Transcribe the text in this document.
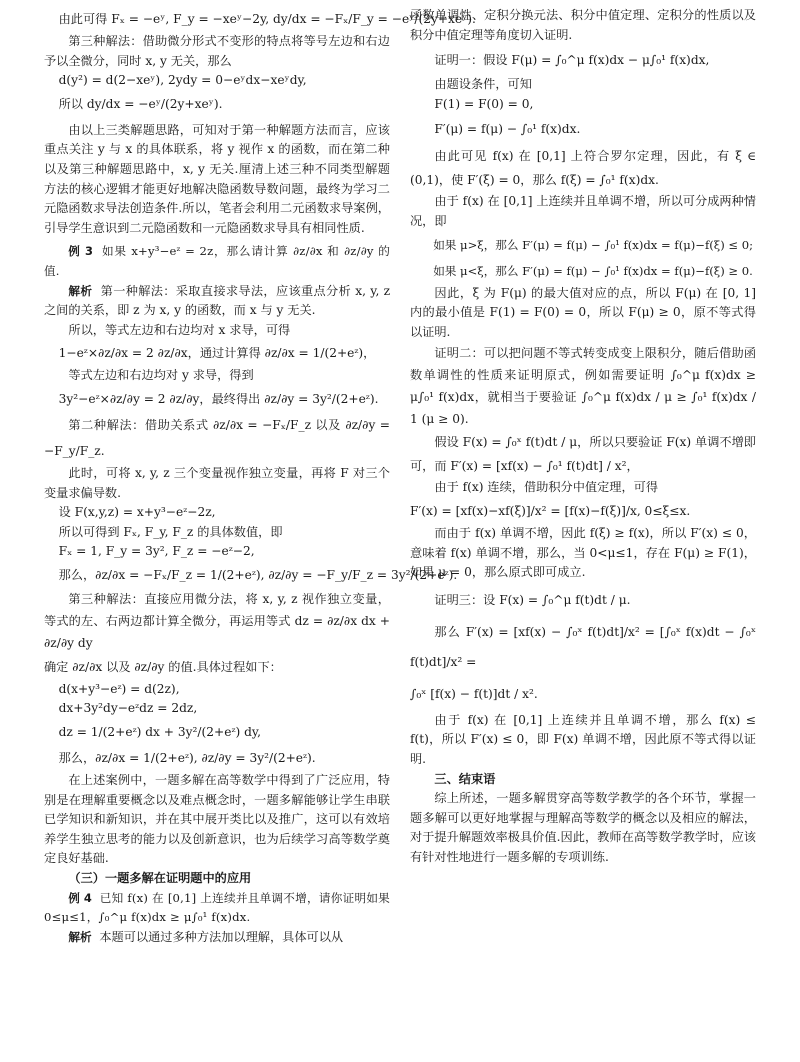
由此可得 Fₓ = −eʸ, F_y = −xeʸ−2y, dy/dx = −Fₓ/F_y = −eʸ/(2y+xeʸ).

第三种解法：借助微分形式不变形的特点将等号左边和右边予以全微分，同时 x, y 无关，那么

d(y²) = d(2−xeʸ), 2ydy = 0−eʸdx−xeʸdy,

所以 dy/dx = −eʸ/(2y+xeʸ).

由以上三类解题思路，可知对于第一种解题方法而言，应该重点关注 y 与 x 的具体联系，将 y 视作 x 的函数，而在第二种以及第三种解题思路中，x, y 无关.厘清上述三种不同类型解题方法的核心逻辑才能更好地解决隐函数导数问题，最终为学习二元隐函数求导法创造条件.所以，笔者会利用二元函数求导案例，引导学生意识到二元隐函数和一元隐函数求导具有相同性质.

例 3 如果 x+y³−eᶻ = 2z，那么请计算 ∂z/∂x 和 ∂z/∂y 的值.

解析 第一种解法：采取直接求导法，应该重点分析 x, y, z 之间的关系，即 z 为 x, y 的函数，而 x 与 y 无关.

所以，等式左边和右边均对 x 求导，可得

1−eᶻ×∂z/∂x = 2 ∂z/∂x，通过计算得 ∂z/∂x = 1/(2+eᶻ)，

等式左边和右边均对 y 求导，得到

3y²−eᶻ×∂z/∂y = 2 ∂z/∂y，最终得出 ∂z/∂y = 3y²/(2+eᶻ).

第二种解法：借助关系式 ∂z/∂x = −Fₓ/F_z 以及 ∂z/∂y = −F_y/F_z.

此时，可将 x, y, z 三个变量视作独立变量，再将 F 对三个变量求偏导数.

设 F(x,y,z) = x+y³−eᶻ−2z,

所以可得到 Fₓ, F_y, F_z 的具体数值，即

Fₓ = 1, F_y = 3y², F_z = −eᶻ−2,

那么，∂z/∂x = −Fₓ/F_z = 1/(2+eᶻ), ∂z/∂y = −F_y/F_z = 3y²/(2+eᶻ).

第三种解法：直接应用微分法，将 x, y, z 视作独立变量，等式的左、右两边都计算全微分，再运用等式 dz = ∂z/∂x dx + ∂z/∂y dy

确定 ∂z/∂x 以及 ∂z/∂y 的值.具体过程如下：

d(x+y³−eᶻ) = d(2z),

dx+3y²dy−eᶻdz = 2dz,

dz = 1/(2+eᶻ) dx + 3y²/(2+eᶻ) dy,

那么，∂z/∂x = 1/(2+eᶻ), ∂z/∂y = 3y²/(2+eᶻ).

在上述案例中，一题多解在高等数学中得到了广泛应用，特别是在理解重要概念以及难点概念时，一题多解能够让学生串联已学知识和新知识，并在其中展开类比以及推广，这可以有效培养学生独立思考的能力以及创新意识，也为后续学习高等数学奠定良好基础.

（三）一题多解在证明题中的应用

例 4 已知 f(x) 在 [0,1] 上连续并且单调不增，请你证明如果 0≤μ≤1，∫₀^μ f(x)dx ≥ μ∫₀¹ f(x)dx.

解析 本题可以通过多种方法加以理解，具体可以从

函数单调性、定积分换元法、积分中值定理、定积分的性质以及积分中值定理等角度切入证明.

证明一：假设 F(μ) = ∫₀^μ f(x)dx − μ∫₀¹ f(x)dx,

由题设条件，可知

F(1) = F(0) = 0,

F′(μ) = f(μ) − ∫₀¹ f(x)dx.

由此可见 f(x) 在 [0,1] 上符合罗尔定理，因此，有 ξ ∈ (0,1)，使 F′(ξ) = 0，那么 f(ξ) = ∫₀¹ f(x)dx.

由于 f(x) 在 [0,1] 上连续并且单调不增，所以可分成两种情况，即

如果 μ>ξ，那么 F′(μ) = f(μ) − ∫₀¹ f(x)dx = f(μ)−f(ξ) ≤ 0;

如果 μ<ξ，那么 F′(μ) = f(μ) − ∫₀¹ f(x)dx = f(μ)−f(ξ) ≥ 0.

因此，ξ 为 F(μ) 的最大值对应的点，所以 F(μ) 在 [0, 1] 内的最小值是 F(1) = F(0) = 0，所以 F(μ) ≥ 0，原不等式得以证明.

证明二：可以把问题不等式转变成变上限积分，随后借助函数单调性的性质来证明原式，例如需要证明 ∫₀^μ f(x)dx ≥ μ∫₀¹ f(x)dx，就相当于要验证 ∫₀^μ f(x)dx / μ ≥ ∫₀¹ f(x)dx / 1 (μ ≥ 0).

假设 F(x) = ∫₀ˣ f(t)dt / μ，所以只要验证 F(x) 单调不增即可，而 F′(x) = [xf(x) − ∫₀¹ f(t)dt] / x²，

由于 f(x) 连续，借助积分中值定理，可得

F′(x) = [xf(x)−xf(ξ)]/x² = [f(x)−f(ξ)]/x, 0≤ξ≤x.

而由于 f(x) 单调不增，因此 f(ξ) ≥ f(x)，所以 F′(x) ≤ 0，意味着 f(x) 单调不增，那么，当 0<μ≤1，存在 F(μ) ≥ F(1)，如果 μ = 0，那么原式即可成立.

证明三：设 F(x) = ∫₀^μ f(t)dt / μ.

那么 F′(x) = [xf(x) − ∫₀ˣ f(t)dt]/x² = [∫₀ˣ f(x)dt − ∫₀ˣ f(t)dt]/x² =

∫₀ˣ [f(x) − f(t)]dt / x².

由于 f(x) 在 [0,1] 上连续并且单调不增，那么 f(x) ≤ f(t)，所以 F′(x) ≤ 0，即 F(x) 单调不增，因此原不等式得以证明.

三、结束语

综上所述，一题多解贯穿高等数学教学的各个环节，掌握一题多解可以更好地掌握与理解高等数学的概念以及相应的解法，对于提升解题效率极具价值.因此，教师在高等数学教学时，应该有针对性地进行一题多解的专项训练.
